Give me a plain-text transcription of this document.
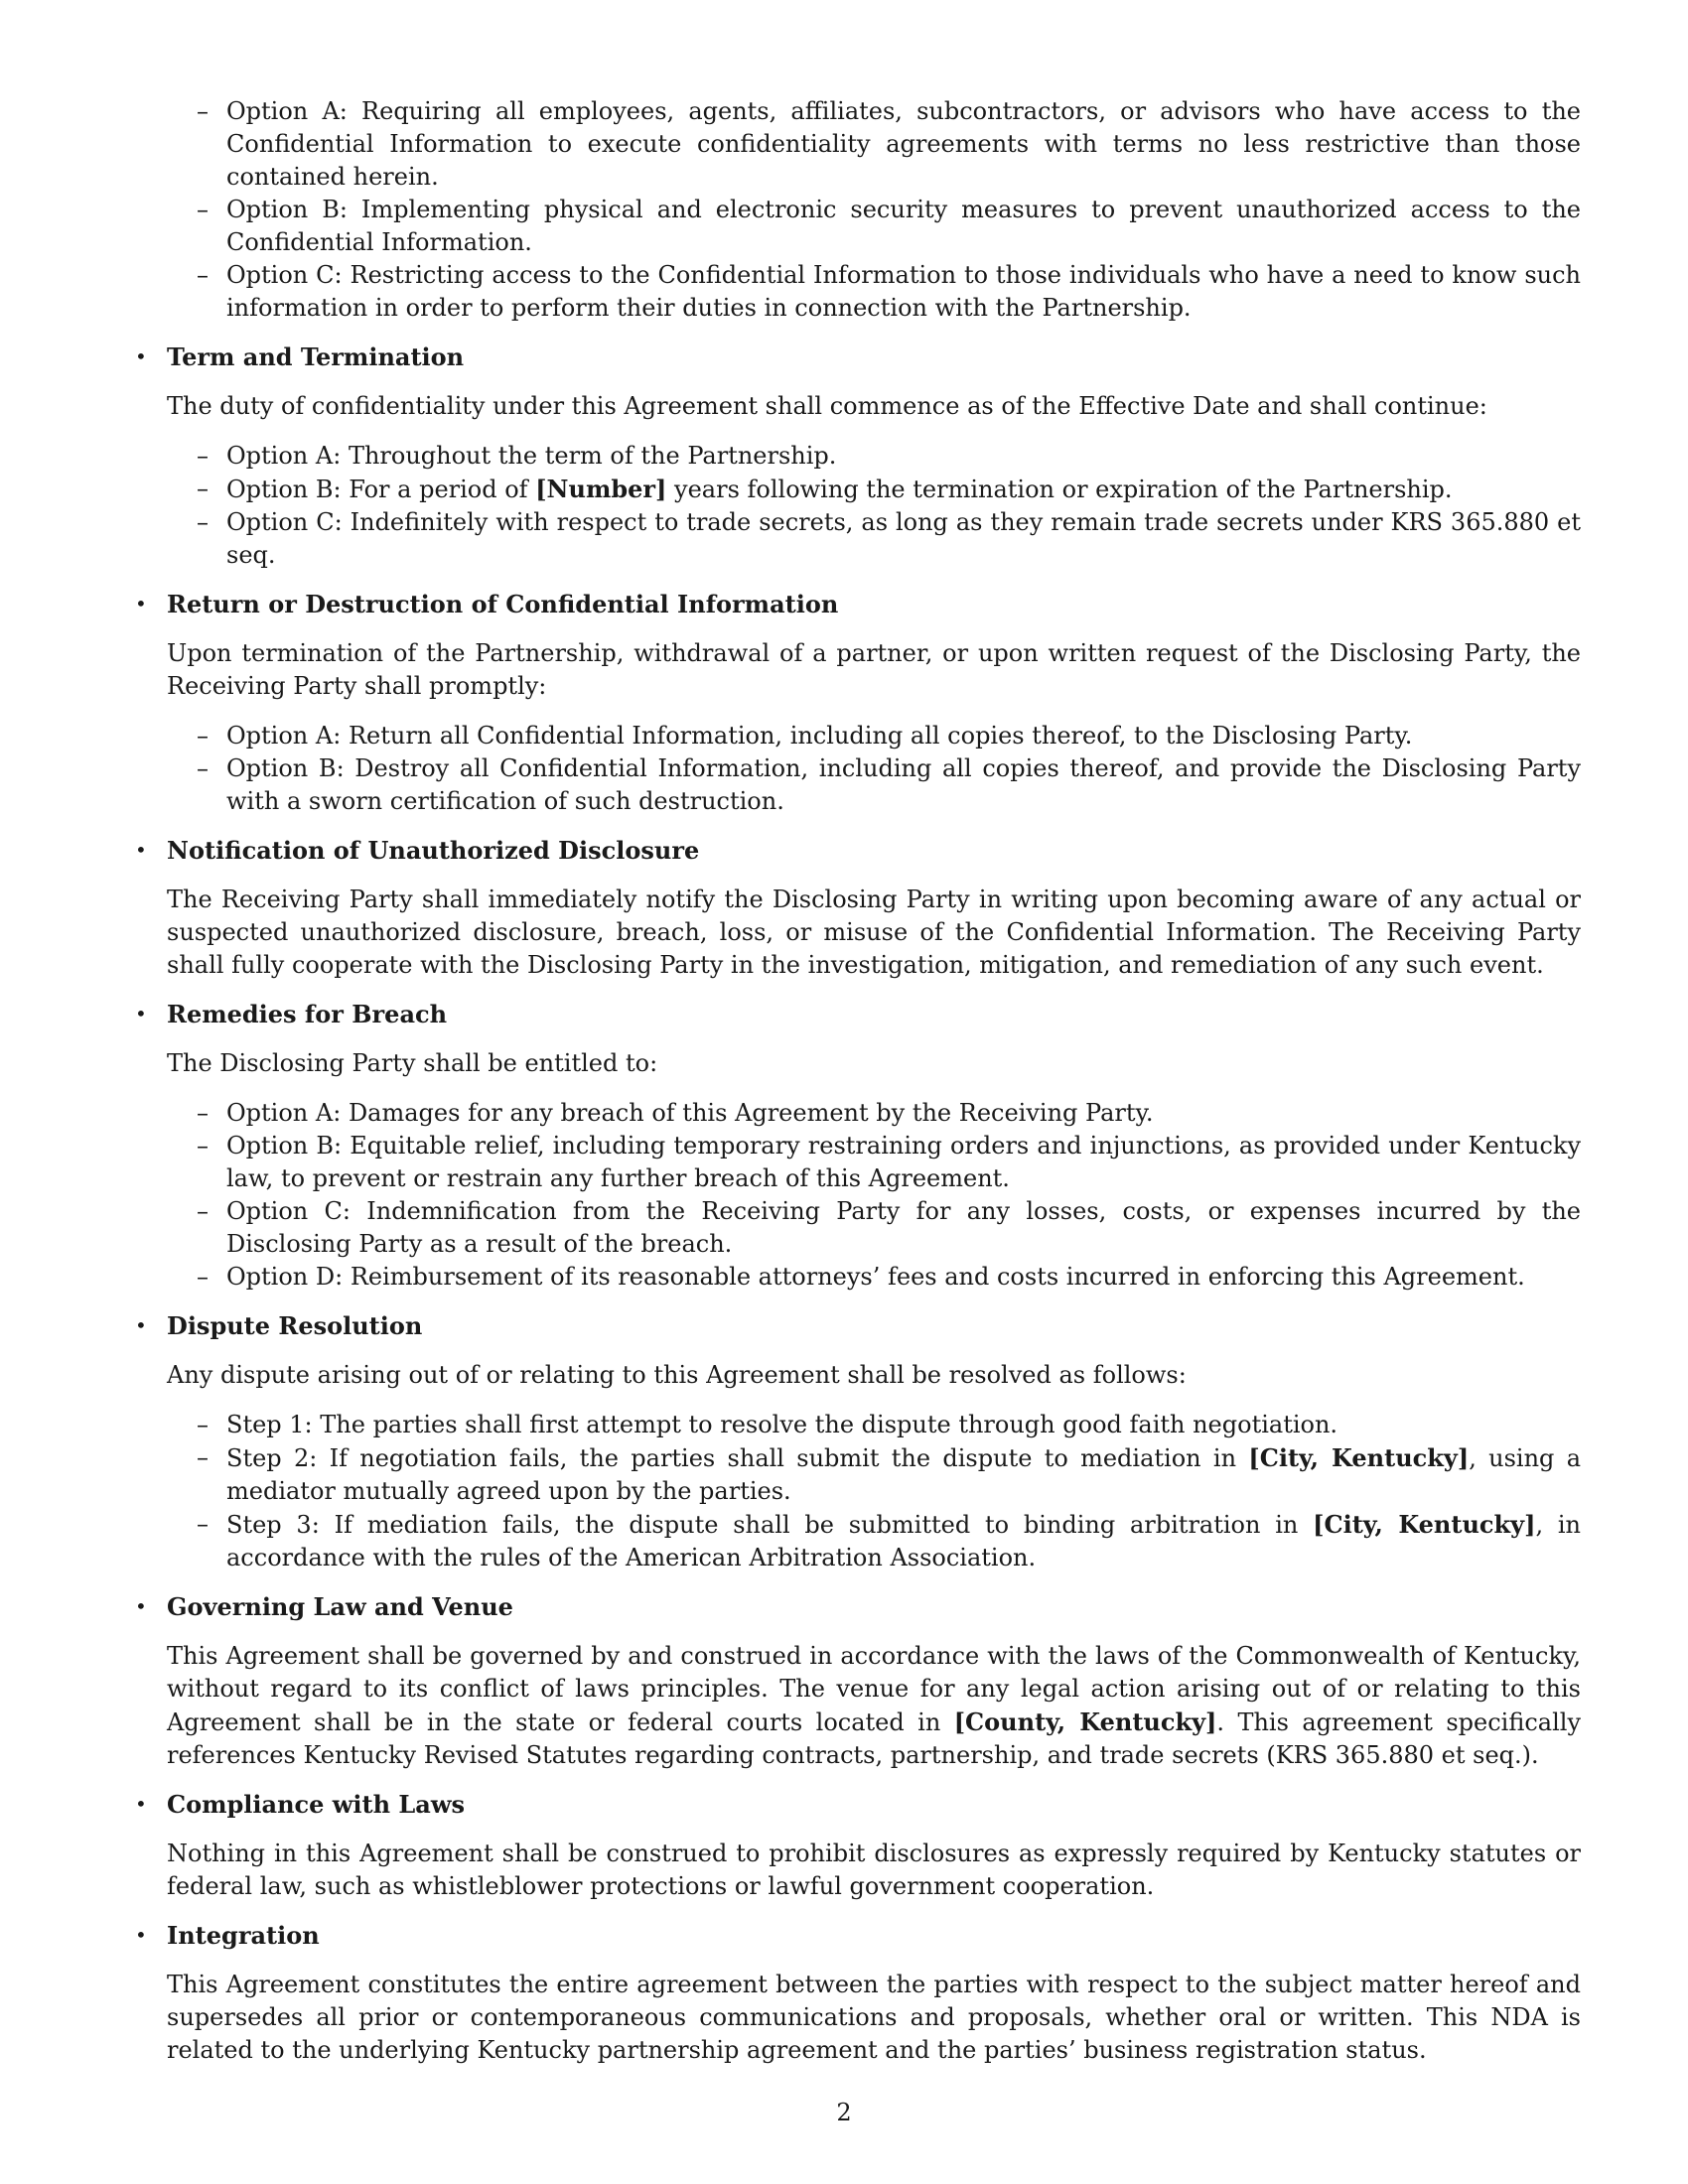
– Option A: Requiring all employees, agents, affiliates, subcontractors, or advisors who have access to the Confidential Information to execute confidentiality agreements with terms no less restrictive than those contained herein.
– Option B: Implementing physical and electronic security measures to prevent unauthorized access to the Confidential Information.
– Option C: Restricting access to the Confidential Information to those individuals who have a need to know such information in order to perform their duties in connection with the Partnership.
• Term and Termination
The duty of confidentiality under this Agreement shall commence as of the Effective Date and shall continue:
– Option A: Throughout the term of the Partnership.
– Option B: For a period of [Number] years following the termination or expiration of the Partnership.
– Option C: Indefinitely with respect to trade secrets, as long as they remain trade secrets under KRS 365.880 et seq.
• Return or Destruction of Confidential Information
Upon termination of the Partnership, withdrawal of a partner, or upon written request of the Disclosing Party, the Receiving Party shall promptly:
– Option A: Return all Confidential Information, including all copies thereof, to the Disclosing Party.
– Option B: Destroy all Confidential Information, including all copies thereof, and provide the Disclosing Party with a sworn certification of such destruction.
• Notification of Unauthorized Disclosure
The Receiving Party shall immediately notify the Disclosing Party in writing upon becoming aware of any actual or suspected unauthorized disclosure, breach, loss, or misuse of the Confidential Information. The Receiving Party shall fully cooperate with the Disclosing Party in the investigation, mitigation, and remediation of any such event.
• Remedies for Breach
The Disclosing Party shall be entitled to:
– Option A: Damages for any breach of this Agreement by the Receiving Party.
– Option B: Equitable relief, including temporary restraining orders and injunctions, as provided under Kentucky law, to prevent or restrain any further breach of this Agreement.
– Option C: Indemnification from the Receiving Party for any losses, costs, or expenses incurred by the Disclosing Party as a result of the breach.
– Option D: Reimbursement of its reasonable attorneys’ fees and costs incurred in enforcing this Agreement.
• Dispute Resolution
Any dispute arising out of or relating to this Agreement shall be resolved as follows:
– Step 1: The parties shall first attempt to resolve the dispute through good faith negotiation.
– Step 2: If negotiation fails, the parties shall submit the dispute to mediation in [City, Kentucky], using a mediator mutually agreed upon by the parties.
– Step 3: If mediation fails, the dispute shall be submitted to binding arbitration in [City, Kentucky], in accordance with the rules of the American Arbitration Association.
• Governing Law and Venue
This Agreement shall be governed by and construed in accordance with the laws of the Commonwealth of Kentucky, without regard to its conflict of laws principles. The venue for any legal action arising out of or relating to this Agreement shall be in the state or federal courts located in [County, Kentucky]. This agreement specifically references Kentucky Revised Statutes regarding contracts, partnership, and trade secrets (KRS 365.880 et seq.).
• Compliance with Laws
Nothing in this Agreement shall be construed to prohibit disclosures as expressly required by Kentucky statutes or federal law, such as whistleblower protections or lawful government cooperation.
• Integration
This Agreement constitutes the entire agreement between the parties with respect to the subject matter hereof and supersedes all prior or contemporaneous communications and proposals, whether oral or written. This NDA is related to the underlying Kentucky partnership agreement and the parties’ business registration status.
2
